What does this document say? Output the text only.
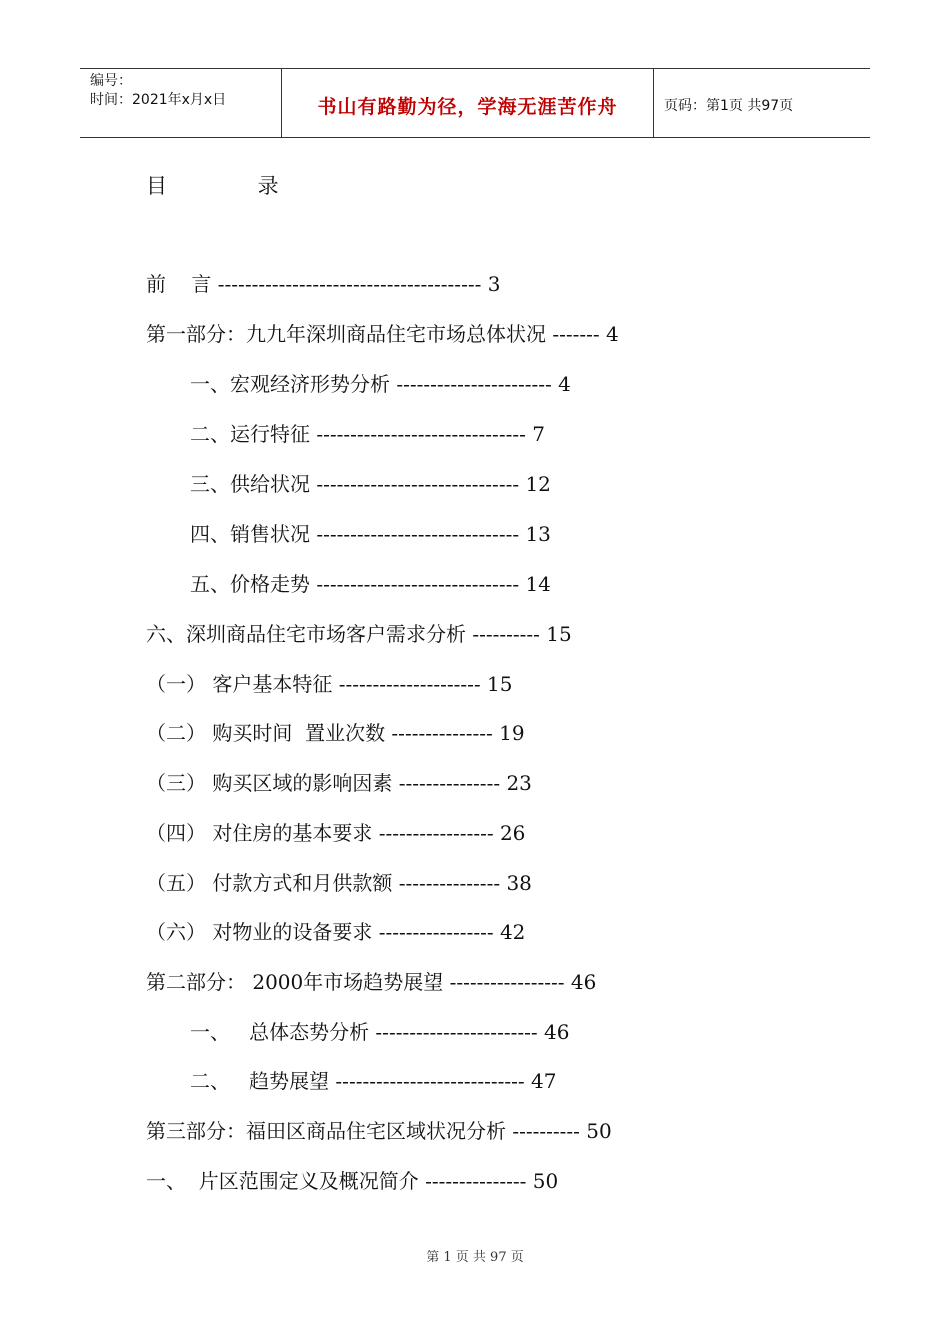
编号：
时间：2021年x月x日	书山有路勤为径，学海无涯苦作舟	页码：第1页 共97页
目 录
前    言 --------------------------------------- 3
第一部分：九九年深圳商品住宅市场总体状况 ------- 4
一、宏观经济形势分析 ----------------------- 4
二、运行特征 ------------------------------- 7
三、供给状况 ------------------------------ 12
四、销售状况 ------------------------------ 13
五、价格走势 ------------------------------ 14
六、深圳商品住宅市场客户需求分析 ---------- 15
（一） 客户基本特征 --------------------- 15
（二） 购买时间  置业次数 --------------- 19
（三） 购买区域的影响因素 --------------- 23
（四） 对住房的基本要求 ----------------- 26
（五） 付款方式和月供款额 --------------- 38
（六） 对物业的设备要求 ----------------- 42
第二部分： 2000年市场趋势展望 ----------------- 46
一、   总体态势分析 ------------------------ 46
二、   趋势展望 ---------------------------- 47
第三部分：福田区商品住宅区域状况分析 ---------- 50
一、  片区范围定义及概况简介 --------------- 50
第 1 页 共 97 页
